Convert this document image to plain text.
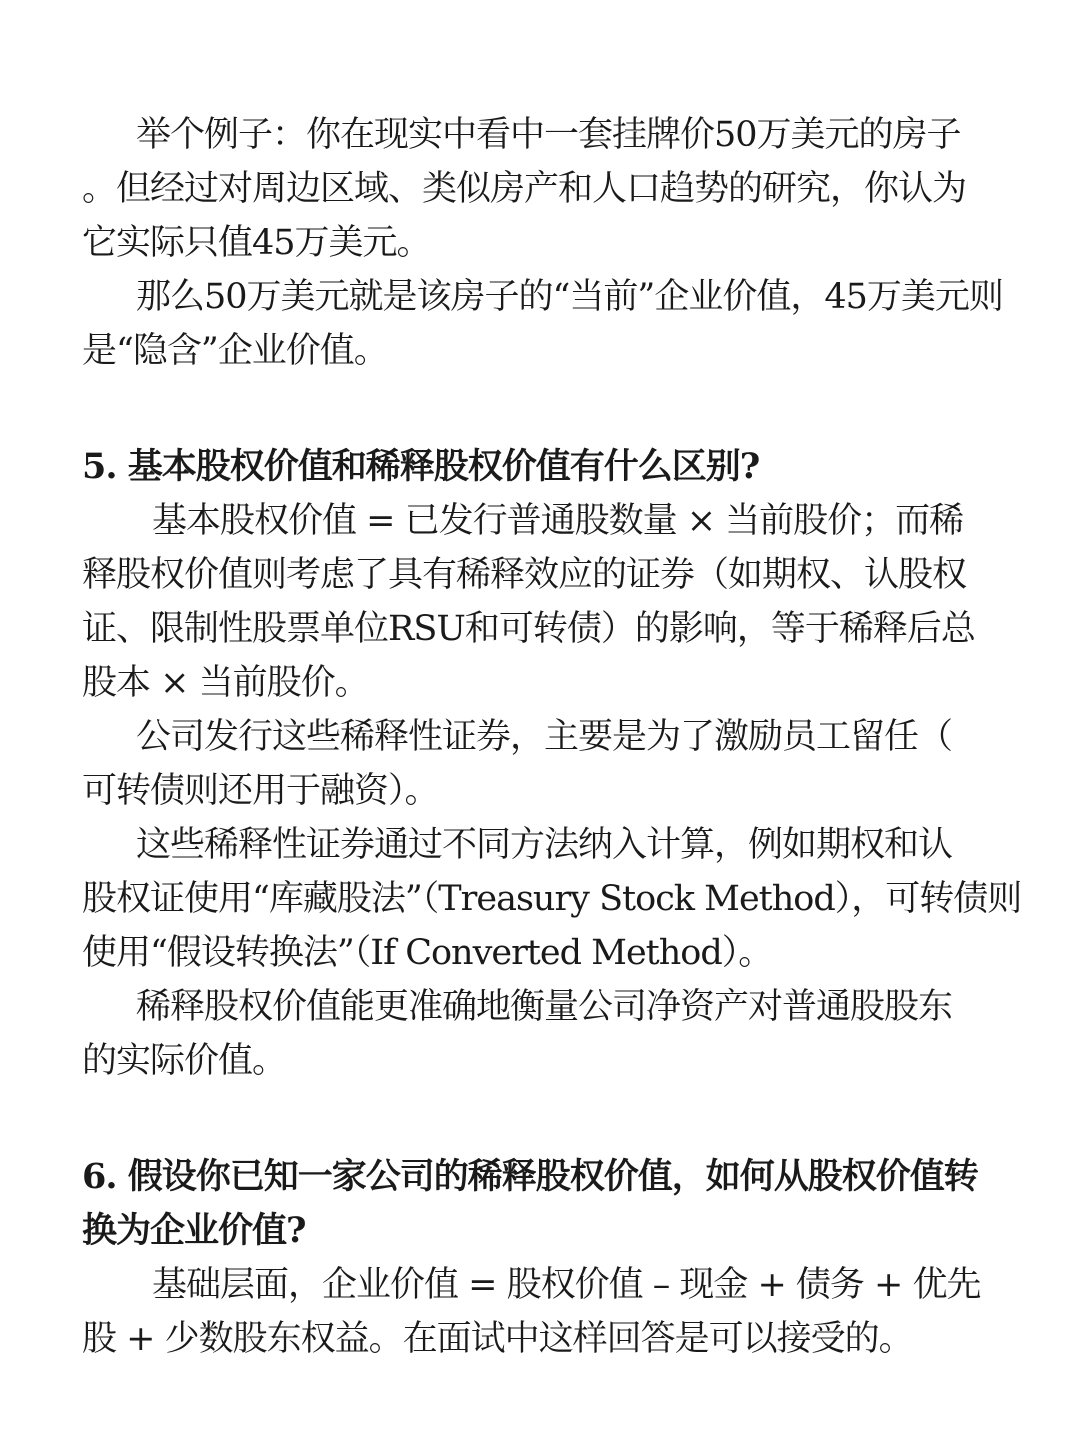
举个例子：你在现实中看中一套挂牌价50万美元的房子
。但经过对周边区域、类似房产和人口趋势的研究，你认为
它实际只值45万美元。
那么50万美元就是该房子的“当前”企业价值，45万美元则
是“隐含”企业价值。
5. 基本股权价值和稀释股权价值有什么区别?
基本股权价值 = 已发行普通股数量 × 当前股价；而稀
释股权价值则考虑了具有稀释效应的证券（如期权、认股权
证、限制性股票单位RSU和可转债）的影响，等于稀释后总
股本 × 当前股价。
公司发行这些稀释性证券，主要是为了激励员工留任（
可转债则还用于融资）。
这些稀释性证券通过不同方法纳入计算，例如期权和认
股权证使用“库藏股法”（Treasury Stock Method），可转债则
使用“假设转换法”（If Converted Method）。
稀释股权价值能更准确地衡量公司净资产对普通股股东
的实际价值。
6. 假设你已知一家公司的稀释股权价值，如何从股权价值转
换为企业价值?
基础层面，企业价值 = 股权价值 – 现金 + 债务 + 优先
股 + 少数股东权益。在面试中这样回答是可以接受的。
